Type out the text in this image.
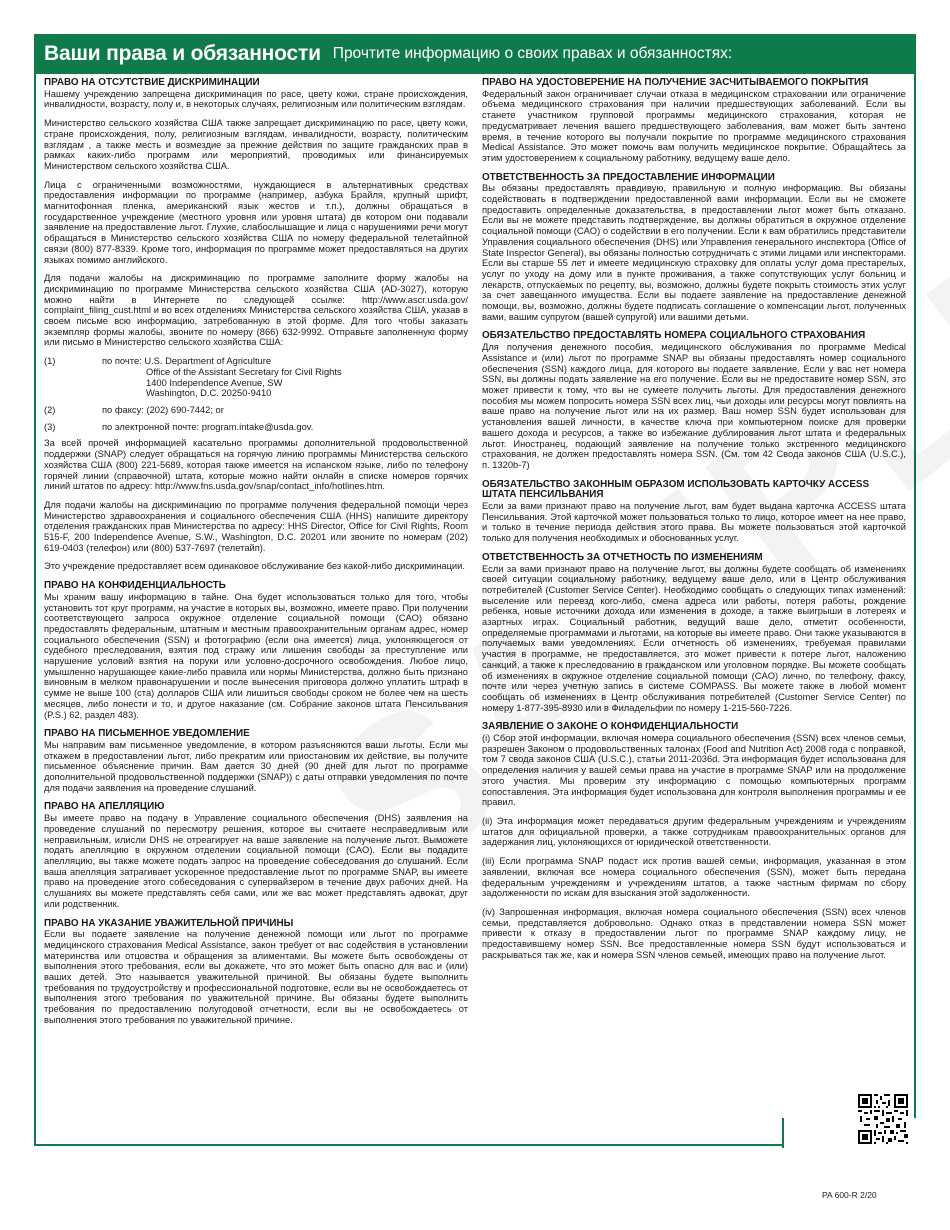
Ваши права и обязанности Прочтите информацию о своих правах и обязанностях:
ПРАВО НА ОТСУТСТВИЕ ДИСКРИМИНАЦИИ

Нашему учреждению запрещена дискриминация по расе, цвету кожи, стране происхождения, инвалидности, возрасту, полу и, в некоторых случаях, религиозным или политическим взглядам.

Министерство сельского хозяйства США также запрещает дискриминацию по расе, цвету кожи, стране происхождения, полу, религиозным взглядам, инвалидности, возрасту, политическим взглядам , а также месть и возмездие за прежние действия по защите гражданских прав в рамках каких-либо программ или мероприятий, проводимых или финансируемых Министерством сельского хозяйства США.

Лица с ограниченными возможностями, нуждающиеся в альтернативных средствах предоставления информации по программе (например, азбука Брайля, крупный шрифт, магнитофонная пленка, американский язык жестов и т.п.), должны обращаться в государственное учреждение (местного уровня или уровня штата) дв котором они подавали заявление на предоставление льгот. Глухие, слабослышащие и лица с нарушениями речи могут обращаться в Министерство сельского хозяйства США по номеру федеральной телетайпной связи (800) 877-8339. Кроме того, информация по программе может предоставляться на других языках помимо английского.

Для подачи жалобы на дискриминацию по программе заполните форму жалобы на дискриминацию по программе Министерства сельского хозяйства США (AD-3027), которую можно найти в Интернете по следующей ссылке: http://www.ascr.usda.gov/ complaint_filing_cust.html и во всех отделениях Министерства сельского хозяйства США, указав в своем письме всю информацию, затребованную в этой форме. Для того чтобы заказать экземпляр формы жалобы, звоните по номеру (866) 632-9992. Отправьте заполненную форму или письмо в Министерство сельского хозяйства США:

(1)	по почте: U.S. Department of Agriculture
Office of the Assistant Secretary for Civil Rights
1400 Independence Avenue, SW
Washington, D.C. 20250-9410
(2)	по факсу: (202) 690-7442; or
(3)	по электронной почте: program.intake@usda.gov.

За всей прочей информацией касательно программы дополнительной продовольственной поддержки (SNAP) следует обращаться на горячую линию программы Министерства сельского хозяйства США (800) 221-5689, которая также имеется на испанском языке, либо по телефону горячей линии (справочной) штата, которые можно найти онлайн в списке номеров горячих линий штатов по адресу: http://www.fns.usda.gov/snap/contact_info/hotlines.htm.

Для подачи жалобы на дискриминацию по программе получения федеральной помощи через Министерство здравоохранения и социального обеспечения США (HHS) напишите директору отделения гражданских прав Министерства по адресу: HHS Director, Office for Civil Rights, Room 515-F, 200 Independence Avenue, S.W., Washington, D.C. 20201 или звоните по номерам (202) 619-0403 (телефон) или (800) 537-7697 (телетайп).

Это учреждение предоставляет всем одинаковое обслуживание без какой-либо дискриминации.

ПРАВО НА КОНФИДЕНЦИАЛЬНОСТЬ

Мы храним вашу информацию в тайне. Она будет использоваться только для того, чтобы установить тот круг программ, на участие в которых вы, возможно, имеете право. При получении соответствующего запроса окружное отделение социальной помощи (CAO) обязано предоставлять федеральным, штатным и местным правоохранительным органам адрес, номер социального обеспечения (SSN) и фотографию (если она имеется) лица, уклоняющегося от судебного преследования, взятия под стражу или лишения свободы за преступление или нарушение условий взятия на поруки или условно-досрочного освобождения. Любое лицо, умышленно нарушающее какие-либо правила или нормы Министерства, должно быть признано виновным в мелком правонарушении и после вынесения приговора должно уплатить штраф в сумме не выше 100 (ста) долларов США или лишиться свободы сроком не более чем на шесть месяцев, либо понести и то, и другое наказание (см. Собрание законов штата Пенсильвания (P.S.) 62, раздел 483).

ПРАВО НА ПИСЬМЕННОЕ УВЕДОМЛЕНИЕ

Мы направим вам письменное уведомление, в котором разъясняются ваши льготы. Если мы откажем в предоставлении льгот, либо прекратим или приостановим их действие, вы получите письменное объяснение причин. Вам дается 30 дней (90 дней для льгот по программе дополнительной продовольственной поддержки (SNAP)) с даты отправки уведомления по почте для подачи заявления на проведение слушаний.

ПРАВО НА АПЕЛЛЯЦИЮ

Вы имеете право на подачу в Управление социального обеспечения (DHS) заявления на проведение слушаний по пересмотру решения, которое вы считаете несправедливым или неправильным, илисли DHS не отреагирует на ваше заявление на получение льгот. Выможете подать апелляцию в окружном отделении социальной помощи (CAO). Если вы подадите апелляцию, вы также можете подать запрос на проведение собеседования до слушаний. Если ваша апелляция затрагивает ускоренное предоставление льгот по программе SNAP, вы имеете право на проведение этого собеседования с супервайзером в течение двух рабочих дней. На слушаниях вы можете представлять себя сами, или же вас может представлять адвокат, друг или родственник.

ПРАВО НА УКАЗАНИЕ УВАЖИТЕЛЬНОЙ ПРИЧИНЫ

Если вы подаете заявление на получение денежной помощи или льгот по программе медицинского страхования Medical Assistance, закон требует от вас содействия в установлении материнства или отцовства и обращения за алиментами. Вы можете быть освобождены от выполнения этого требования, если вы докажете, что это может быть опасно для вас и (или) ваших детей. Это называется уважительной причиной. Вы обязаны будете выполнить требования по трудоустройству и профессиональной подготовке, если вы не освобождаетесь от выполнения этого требования по уважительной причине. Вы обязаны будете выполнить требования по предоставлению полугодовой отчетности, если вы не освобождаетесь от выполнения этого требования по уважительной причине.

ПРАВО НА УДОСТОВЕРЕНИЕ НА ПОЛУЧЕНИЕ ЗАСЧИТЫВАЕМОГО ПОКРЫТИЯ

Федеральный закон ограничивает случаи отказа в медицинском страховании или ограничение объема медицинского страхования при наличии предшествующих заболеваний. Если вы станете участником групповой программы медицинского страхования, которая не предусматривает лечения вашего предшествующего заболевания, вам может быть зачтено время, в течение которого вы получали покрытие по программе медицинского страхования Medical Assistance. Это может помочь вам получить медицинское покрытие. Обращайтесь за этим удостоверением к социальному работнику, ведущему ваше дело.

ОТВЕТСТВЕННОСТЬ ЗА ПРЕДОСТАВЛЕНИЕ ИНФОРМАЦИИ

Вы обязаны предоставлять правдивую, правильную и полную информацию. Вы обязаны содействовать в подтверждении предоставленной вами информации. Если вы не сможете предоставить определенные доказательства, в предоставлении льгот может быть отказано. Если вы не можете представить подтверждение, вы должны обратиться в окружное отделение социальной помощи (CAO) о содействии в его получении. Если к вам обратились представители Управления социального обеспечения (DHS) или Управления генерального инспектора (Office of State Inspector General), вы обязаны полностью сотрудничать с этими лицами или инспекторами. Если вы старше 55 лет и имеете медицинскую страховку для оплаты услуг дома престарелых, услуг по уходу на дому или в пункте проживания, а также сопутствующих услуг больниц и лекарств, отпускаемых по рецепту, вы, возможно, должны будете покрыть стоимость этих услуг за счет завещанного имущества. Если вы подаете заявление на предоставление денежной помощи, вы, возможно, должны будете подписать соглашение о компенсации льгот, полученных вами, вашим супругом (вашей супругой) или вашими детьми.

ОБЯЗАТЕЛЬСТВО ПРЕДОСТАВЛЯТЬ НОМЕРА СОЦИАЛЬНОГО СТРАХОВАНИЯ

Для получения денежного пособия, медицинского обслуживания по программе Medical Assistance и (или) льгот по программе SNAP вы обязаны предоставлять номер социального обеспечения (SSN) каждого лица, для которого вы подаете заявление. Если у вас нет номера SSN, вы должны подать заявление на его получение. Если вы не предоставите номер SSN, это может привести к тому, что вы не сумеете получить льготы. Для предоставления денежного пособия мы можем попросить номера SSN всех лиц, чьи доходы или ресурсы могут повлиять на ваше право на получение льгот или на их размер. Ваш номер SSN будет использован для установления вашей личности, в качестве ключа при компьютерном поиске для проверки вашего дохода и ресурсов, а также во избежание дублирования льгот штата и федеральных льгот. Иностранец, подающий заявление на получение только экстренного медицинского страхования, не должен предоставлять номера SSN. (См. том 42 Свода законов США (U.S.C.), п. 1320b-7)

ОБЯЗАТЕЛЬСТВО ЗАКОННЫМ ОБРАЗОМ ИСПОЛЬЗОВАТЬ КАРТОЧКУ ACCESS ШТАТА ПЕНСИЛЬВАНИЯ

Если за вами признают право на получение льгот, вам будет выдана карточка ACCESS штата Пенсильвания. Этой карточкой может пользоваться только то лицо, которое имеет на нее право, и только в течение периода действия этого права. Вы можете пользоваться этой карточкой только для получения необходимых и обоснованных услуг.

ОТВЕТСТВЕННОСТЬ ЗА ОТЧЕТНОСТЬ ПО ИЗМЕНЕНИЯМ

Если за вами признают право на получение льгот, вы должны будете сообщать об изменениях своей ситуации социальному работнику, ведущему ваше дело, или в Центр обслуживания потребителей (Customer Service Center). Необходимо сообщать о следующих типах изменений: выселение или переезд кого-либо, смена адреса или работы, потеря работы, рождение ребенка, новые источники дохода или изменения в доходе, а также выигрыши в лотереях и азартных играх. Социальный работник, ведущий ваше дело, отметит особенности, определяемые программами и льготами, на которые вы имеете право. Они также указываются в получаемых вами уведомлениях. Если отчетность об изменениях, требуемая правилами участия в программе, не предоставляется, это может привести к потере льгот, наложению санкций, а также к преследованию в гражданском или уголовном порядке. Вы можете сообщать об изменениях в окружное отделение социальной помощи (CAO) лично, по телефону, факсу, почте или через учетную запись в системе COMPASS. Вы можете также в любой момент сообщать об изменениях в Центр обслуживания потребителей (Customer Service Center) по номеру 1-877-395-8930 или в Филадельфии по номеру 1-215-560-7226.

ЗАЯВЛЕНИЕ О ЗАКОНЕ О КОНФИДЕНЦИАЛЬНОСТИ

(i) Сбор этой информации, включая номера социального обеспечения (SSN) всех членов семьи, разрешен Законом о продовольственных талонах (Food and Nutrition Act) 2008 года с поправкой, том 7 свода законов США (U.S.C.), статьи 2011-2036d. Эта информация будет использована для определения наличия у вашей семьи права на участие в программе SNAP или на продолжение этого участия. Мы проверим эту информацию с помощью компьютерных программ сопоставления. Эта информация будет использована для контроля выполнения программы и ее правил.

(ii) Эта информация может передаваться другим федеральным учреждениям и учреждениям штатов для официальной проверки, а также сотрудникам правоохранительных органов для задержания лиц, уклоняющихся от юридической ответственности.

(iii) Если программа SNAP подаст иск против вашей семьи, информация, указанная в этом заявлении, включая все номера социального обеспечения (SSN), может быть передана федеральным учреждениям и учреждениям штатов, а также частным фирмам по сбору задолженности по искам для взыскания этой задолженности.

(iv) Запрошенная информация, включая номера социального обеспечения (SSN) всех членов семьи, представляется добровольно. Однако отказ в представлении номера SSN может привести к отказу в предоставлении льгот по программе SNAP каждому лицу, не предоставившему номер SSN. Все предоставленные номера SSN будут использоваться и раскрываться так же, как и номера SSN членов семьей, имеющих право на получение льгот.

PA 600-R 2/20
